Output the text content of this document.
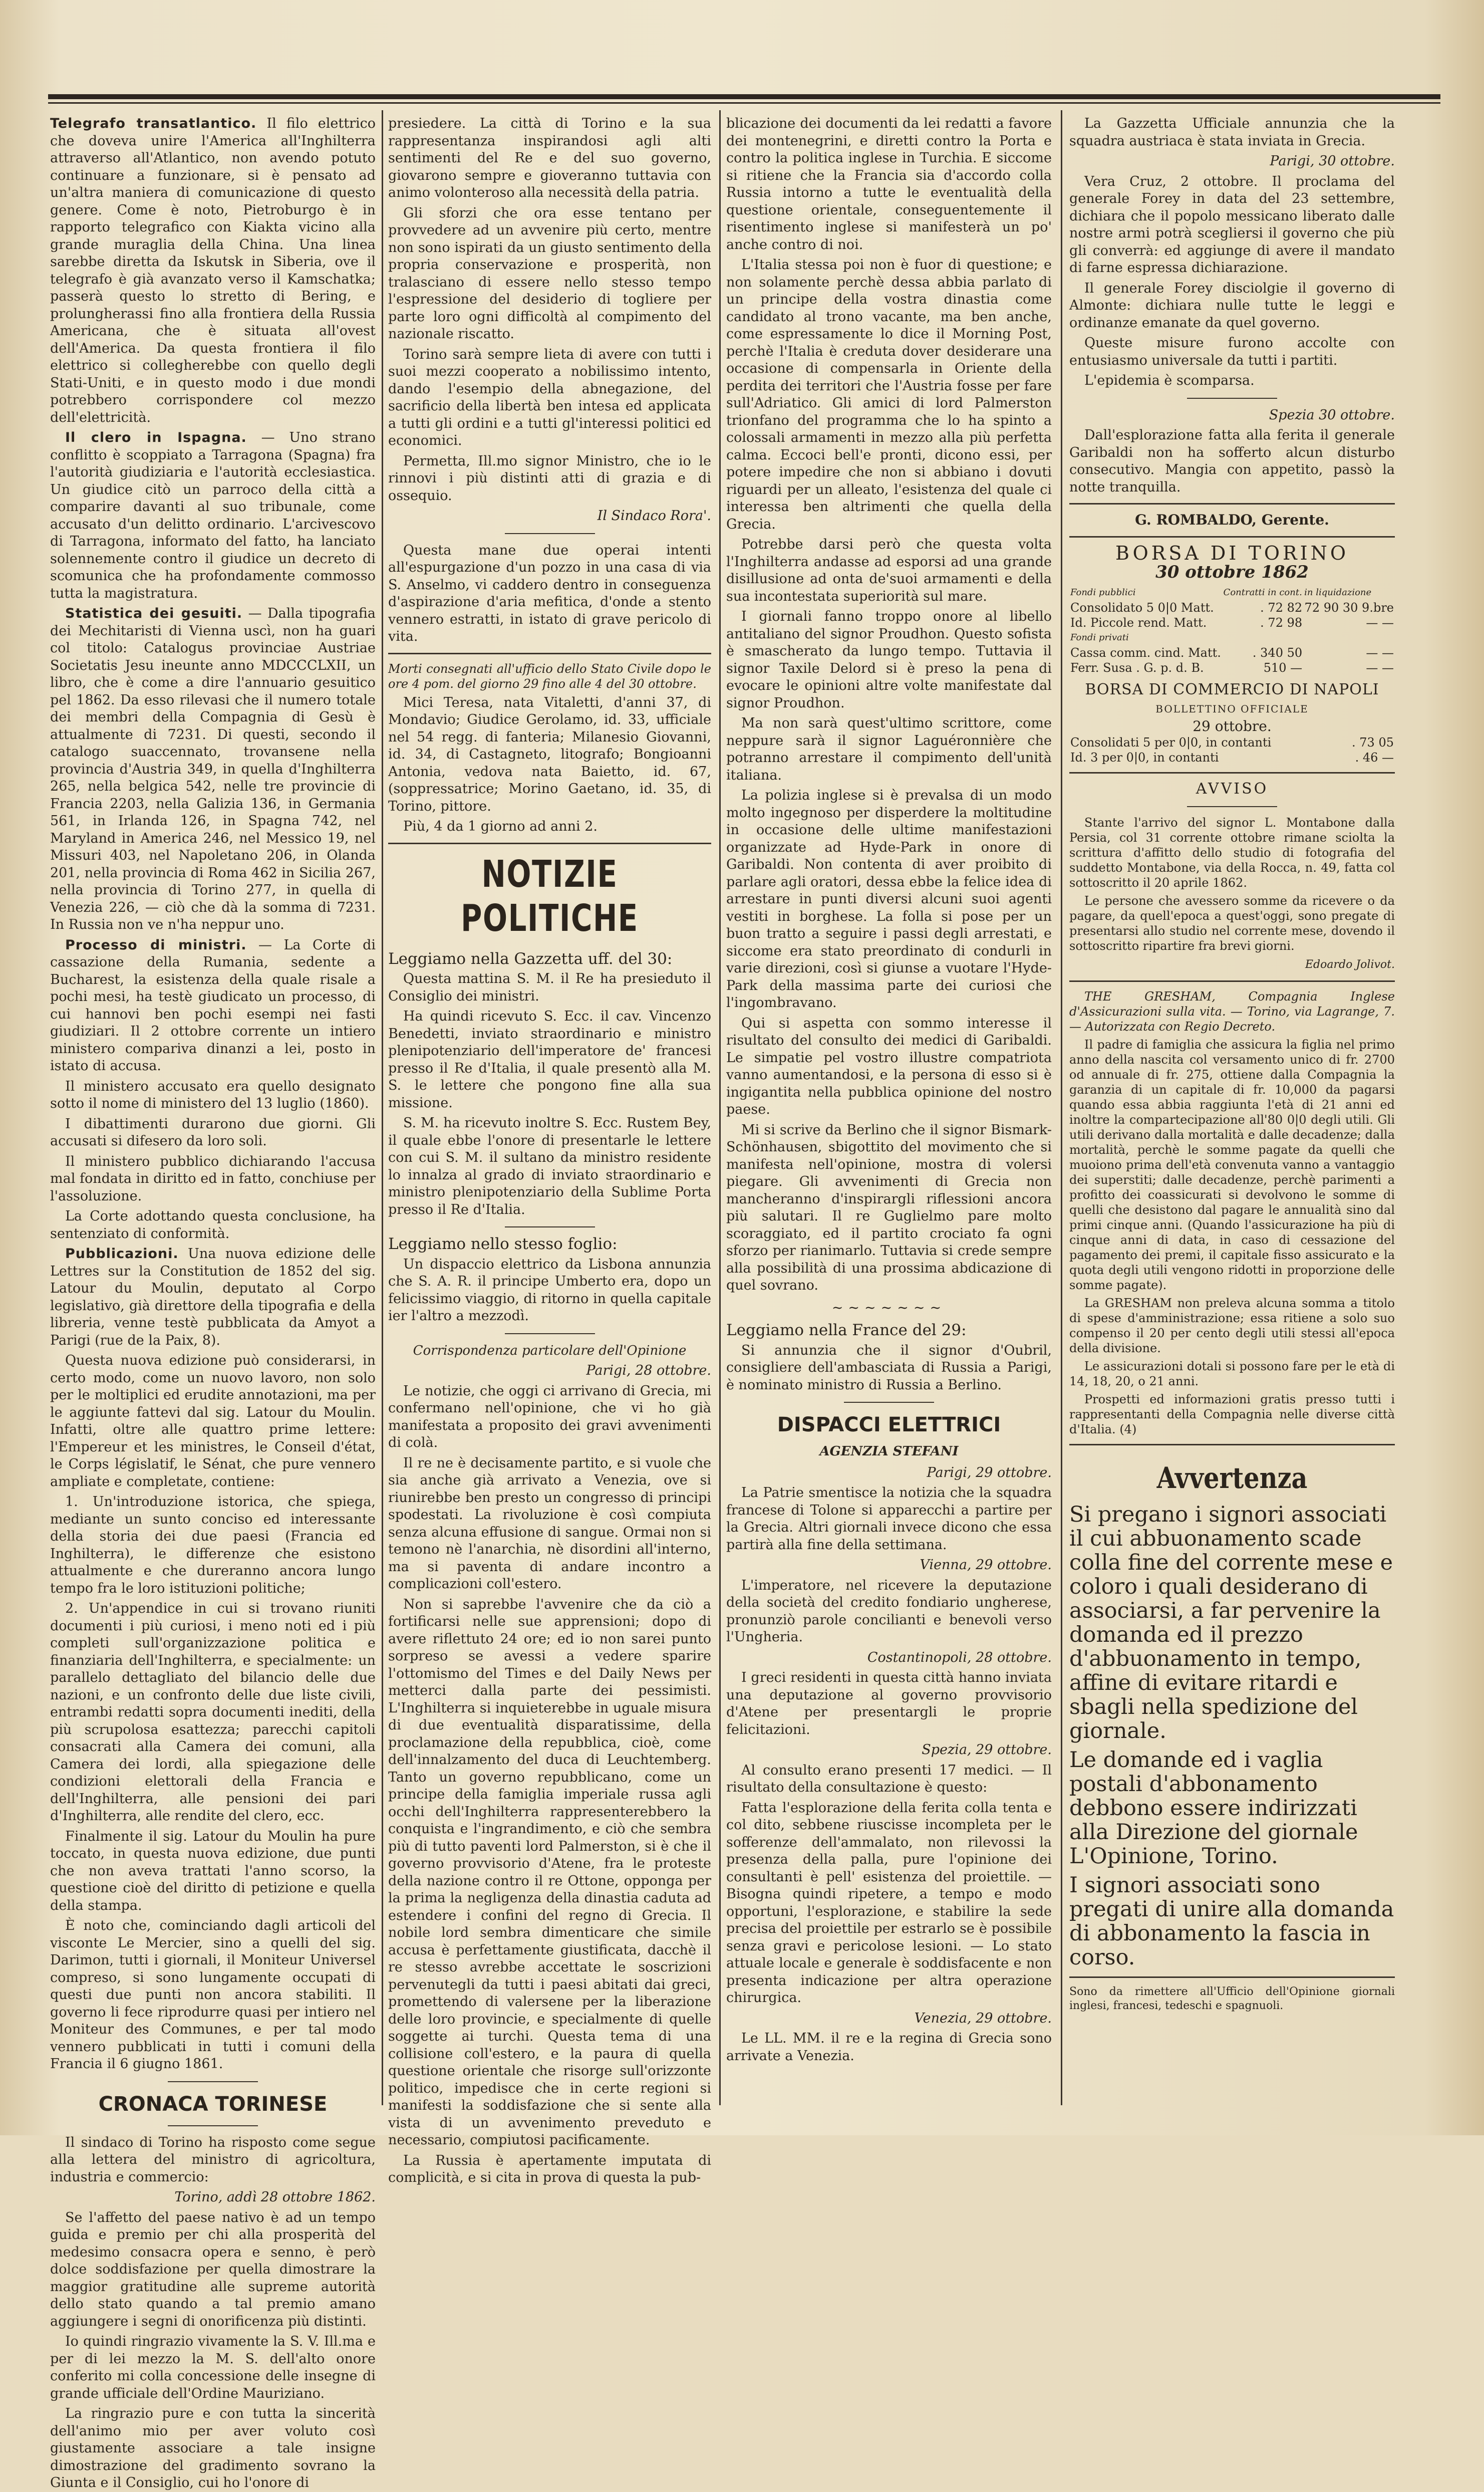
Telegrafo transatlantico. Il filo elettrico che doveva unire l'America all'Inghilterra attraverso all'Atlantico, non avendo potuto continuare a funzionare, si è pensato ad un'altra maniera di comunicazione di questo genere. Come è noto, Pietroburgo è in rapporto telegrafico con Kiakta vicino alla grande muraglia della China. Una linea sarebbe diretta da Iskutsk in Siberia, ove il telegrafo è già avanzato verso il Kamschatka; passerà questo lo stretto di Bering, e prolungherassi fino alla frontiera della Russia Americana, che è situata all'ovest dell'America. Da questa frontiera il filo elettrico si collegherebbe con quello degli Stati-Uniti, e in questo modo i due mondi potrebbero corrispondere col mezzo dell'elettricità.

Il clero in Ispagna. — Uno strano conflitto è scoppiato a Tarragona (Spagna) fra l'autorità giudiziaria e l'autorità ecclesiastica. Un giudice citò un parroco della città a comparire davanti al suo tribunale, come accusato d'un delitto ordinario. L'arcivescovo di Tarragona, informato del fatto, ha lanciato solennemente contro il giudice un decreto di scomunica che ha profondamente commosso tutta la magistratura.

Statistica dei gesuiti. — Dalla tipografia dei Mechitaristi di Vienna uscì, non ha guari col titolo: Catalogus provinciae Austriae Societatis Jesu ineunte anno MDCCCLXII, un libro, che è come a dire l'annuario gesuitico pel 1862. Da esso rilevasi che il numero totale dei membri della Compagnia di Gesù è attualmente di 7231. Di questi, secondo il catalogo suaccennato, trovansene nella provincia d'Austria 349, in quella d'Inghilterra 265, nella belgica 542, nelle tre provincie di Francia 2203, nella Galizia 136, in Germania 561, in Irlanda 126, in Spagna 742, nel Maryland in America 246, nel Messico 19, nel Missuri 403, nel Napoletano 206, in Olanda 201, nella provincia di Roma 462 in Sicilia 267, nella provincia di Torino 277, in quella di Venezia 226, — ciò che dà la somma di 7231. In Russia non ve n'ha neppur uno.

Processo di ministri. — La Corte di cassazione della Rumania, sedente a Bucharest, la esistenza della quale risale a pochi mesi, ha testè giudicato un processo, di cui hannovi ben pochi esempi nei fasti giudiziari. Il 2 ottobre corrente un intiero ministero compariva dinanzi a lei, posto in istato di accusa.

Il ministero accusato era quello designato sotto il nome di ministero del 13 luglio (1860).

I dibattimenti durarono due giorni. Gli accusati si difesero da loro soli.

Il ministero pubblico dichiarando l'accusa mal fondata in diritto ed in fatto, conchiuse per l'assoluzione.

La Corte adottando questa conclusione, ha sentenziato di conformità.

Pubblicazioni. Una nuova edizione delle Lettres sur la Constitution de 1852 del sig. Latour du Moulin, deputato al Corpo legislativo, già direttore della tipografia e della libreria, venne testè pubblicata da Amyot a Parigi (rue de la Paix, 8).

Questa nuova edizione può considerarsi, in certo modo, come un nuovo lavoro, non solo per le moltiplici ed erudite annotazioni, ma per le aggiunte fattevi dal sig. Latour du Moulin. Infatti, oltre alle quattro prime lettere: l'Empereur et les ministres, le Conseil d'état, le Corps législatif, le Sénat, che pure vennero ampliate e completate, contiene:

1. Un'introduzione istorica, che spiega, mediante un sunto conciso ed interessante della storia dei due paesi (Francia ed Inghilterra), le differenze che esistono attualmente e che dureranno ancora lungo tempo fra le loro istituzioni politiche;

2. Un'appendice in cui si trovano riuniti documenti i più curiosi, i meno noti ed i più completi sull'organizzazione politica e finanziaria dell'Inghilterra, e specialmente: un parallelo dettagliato del bilancio delle due nazioni, e un confronto delle due liste civili, entrambi redatti sopra documenti inediti, della più scrupolosa esattezza; parecchi capitoli consacrati alla Camera dei comuni, alla Camera dei lordi, alla spiegazione delle condizioni elettorali della Francia e dell'Inghilterra, alle pensioni dei pari d'Inghilterra, alle rendite del clero, ecc.

Finalmente il sig. Latour du Moulin ha pure toccato, in questa nuova edizione, due punti che non aveva trattati l'anno scorso, la questione cioè del diritto di petizione e quella della stampa.

È noto che, cominciando dagli articoli del visconte Le Mercier, sino a quelli del sig. Darimon, tutti i giornali, il Moniteur Universel compreso, si sono lungamente occupati di questi due punti non ancora stabiliti. Il governo li fece riprodurre quasi per intiero nel Moniteur des Communes, e per tal modo vennero pubblicati in tutti i comuni della Francia il 6 giugno 1861.

CRONACA TORINESE

Il sindaco di Torino ha risposto come segue alla lettera del ministro di agricoltura, industria e commercio:

Torino, addì 28 ottobre 1862.

Se l'affetto del paese nativo è ad un tempo guida e premio per chi alla prosperità del medesimo consacra opera e senno, è però dolce soddisfazione per quella dimostrare la maggior gratitudine alle supreme autorità dello stato quando a tal premio amano aggiungere i segni di onorificenza più distinti.

Io quindi ringrazio vivamente la S. V. Ill.ma e per di lei mezzo la M. S. dell'alto onore conferito mi colla concessione delle insegne di grande ufficiale dell'Ordine Mauriziano.

La ringrazio pure e con tutta la sincerità dell'animo mio per aver voluto così giustamente associare a tale insigne dimostrazione del gradimento sovrano la Giunta e il Consiglio, cui ho l'onore di

presiedere. La città di Torino e la sua rappresentanza inspirandosi agli alti sentimenti del Re e del suo governo, giovarono sempre e gioveranno tuttavia con animo volonteroso alla necessità della patria.

Gli sforzi che ora esse tentano per provvedere ad un avvenire più certo, mentre non sono ispirati da un giusto sentimento della propria conservazione e prosperità, non tralasciano di essere nello stesso tempo l'espressione del desiderio di togliere per parte loro ogni difficoltà al compimento del nazionale riscatto.

Torino sarà sempre lieta di avere con tutti i suoi mezzi cooperato a nobilissimo intento, dando l'esempio della abnegazione, del sacrificio della libertà ben intesa ed applicata a tutti gli ordini e a tutti gl'interessi politici ed economici.

Permetta, Ill.mo signor Ministro, che io le rinnovi i più distinti atti di grazia e di ossequio.

Il Sindaco Rora'.

Questa mane due operai intenti all'espurgazione d'un pozzo in una casa di via S. Anselmo, vi caddero dentro in conseguenza d'aspirazione d'aria mefitica, d'onde a stento vennero estratti, in istato di grave pericolo di vita.

Morti consegnati all'ufficio dello Stato Civile dopo le ore 4 pom. del giorno 29 fino alle 4 del 30 ottobre.

Mici Teresa, nata Vitaletti, d'anni 37, di Mondavio; Giudice Gerolamo, id. 33, ufficiale nel 54 regg. di fanteria; Milanesio Giovanni, id. 34, di Castagneto, litografo; Bongioanni Antonia, vedova nata Baietto, id. 67, (soppressatrice; Morino Gaetano, id. 35, di Torino, pittore.

Più, 4 da 1 giorno ad anni 2.

NOTIZIE POLITICHE

Leggiamo nella Gazzetta uff. del 30:

Questa mattina S. M. il Re ha presieduto il Consiglio dei ministri.

Ha quindi ricevuto S. Ecc. il cav. Vincenzo Benedetti, inviato straordinario e ministro plenipotenziario dell'imperatore de' francesi presso il Re d'Italia, il quale presentò alla M. S. le lettere che pongono fine alla sua missione.

S. M. ha ricevuto inoltre S. Ecc. Rustem Bey, il quale ebbe l'onore di presentarle le lettere con cui S. M. il sultano da ministro residente lo innalza al grado di inviato straordinario e ministro plenipotenziario della Sublime Porta presso il Re d'Italia.

Leggiamo nello stesso foglio:

Un dispaccio elettrico da Lisbona annunzia che S. A. R. il principe Umberto era, dopo un felicissimo viaggio, di ritorno in quella capitale ier l'altro a mezzodì.

Corrispondenza particolare dell'Opinione

Parigi, 28 ottobre.

Le notizie, che oggi ci arrivano di Grecia, mi confermano nell'opinione, che vi ho già manifestata a proposito dei gravi avvenimenti di colà.

Il re ne è decisamente partito, e si vuole che sia anche già arrivato a Venezia, ove si riunirebbe ben presto un congresso di principi spodestati. La rivoluzione è così compiuta senza alcuna effusione di sangue. Ormai non si temono nè l'anarchia, nè disordini all'interno, ma si paventa di andare incontro a complicazioni coll'estero.

Non si saprebbe l'avvenire che da ciò a fortificarsi nelle sue apprensioni; dopo di avere riflettuto 24 ore; ed io non sarei punto sorpreso se avessi a vedere sparire l'ottomismo del Times e del Daily News per metterci dalla parte dei pessimisti. L'Inghilterra si inquieterebbe in uguale misura di due eventualità disparatissime, della proclamazione della repubblica, cioè, come dell'innalzamento del duca di Leuchtemberg. Tanto un governo repubblicano, come un principe della famiglia imperiale russa agli occhi dell'Inghilterra rappresenterebbero la conquista e l'ingrandimento, e ciò che sembra più di tutto paventi lord Palmerston, si è che il governo provvisorio d'Atene, fra le proteste della nazione contro il re Ottone, opponga per la prima la negligenza della dinastia caduta ad estendere i confini del regno di Grecia. Il nobile lord sembra dimenticare che simile accusa è perfettamente giustificata, dacchè il re stesso avrebbe accettate le soscrizioni pervenutegli da tutti i paesi abitati dai greci, promettendo di valersene per la liberazione delle loro provincie, e specialmente di quelle soggette ai turchi. Questa tema di una collisione coll'estero, e la paura di quella questione orientale che risorge sull'orizzonte politico, impedisce che in certe regioni si manifesti la soddisfazione che si sente alla vista di un avvenimento preveduto e necessario, compiutosi pacificamente.

La Russia è apertamente imputata di complicità, e si cita in prova di questa la pub-

blicazione dei documenti da lei redatti a favore dei montenegrini, e diretti contro la Porta e contro la politica inglese in Turchia. E siccome si ritiene che la Francia sia d'accordo colla Russia intorno a tutte le eventualità della questione orientale, conseguentemente il risentimento inglese si manifesterà un po' anche contro di noi.

L'Italia stessa poi non è fuor di questione; e non solamente perchè dessa abbia parlato di un principe della vostra dinastia come candidato al trono vacante, ma ben anche, come espressamente lo dice il Morning Post, perchè l'Italia è creduta dover desiderare una occasione di compensarla in Oriente della perdita dei territori che l'Austria fosse per fare sull'Adriatico. Gli amici di lord Palmerston trionfano del programma che lo ha spinto a colossali armamenti in mezzo alla più perfetta calma. Eccoci bell'e pronti, dicono essi, per potere impedire che non si abbiano i dovuti riguardi per un alleato, l'esistenza del quale ci interessa ben altrimenti che quella della Grecia.

Potrebbe darsi però che questa volta l'Inghilterra andasse ad esporsi ad una grande disillusione ad onta de'suoi armamenti e della sua incontestata superiorità sul mare.

I giornali fanno troppo onore al libello antitaliano del signor Proudhon. Questo sofista è smascherato da lungo tempo. Tuttavia il signor Taxile Delord si è preso la pena di evocare le opinioni altre volte manifestate dal signor Proudhon.

Ma non sarà quest'ultimo scrittore, come neppure sarà il signor Laguéronnière che potranno arrestare il compimento dell'unità italiana.

La polizia inglese si è prevalsa di un modo molto ingegnoso per disperdere la moltitudine in occasione delle ultime manifestazioni organizzate ad Hyde-Park in onore di Garibaldi. Non contenta di aver proibito di parlare agli oratori, dessa ebbe la felice idea di arrestare in punti diversi alcuni suoi agenti vestiti in borghese. La folla si pose per un buon tratto a seguire i passi degli arrestati, e siccome era stato preordinato di condurli in varie direzioni, così si giunse a vuotare l'Hyde-Park della massima parte dei curiosi che l'ingombravano.

Qui si aspetta con sommo interesse il risultato del consulto dei medici di Garibaldi. Le simpatie pel vostro illustre compatriota vanno aumentandosi, e la persona di esso si è ingigantita nella pubblica opinione del nostro paese.

Mi si scrive da Berlino che il signor Bismark-Schönhausen, sbigottito del movimento che si manifesta nell'opinione, mostra di volersi piegare. Gli avvenimenti di Grecia non mancheranno d'inspirargli riflessioni ancora più salutari. Il re Guglielmo pare molto scoraggiato, ed il partito crociato fa ogni sforzo per rianimarlo. Tuttavia si crede sempre alla possibilità di una prossima abdicazione di quel sovrano.

~~~~~~~

Leggiamo nella France del 29:

Si annunzia che il signor d'Oubril, consigliere dell'ambasciata di Russia a Parigi, è nominato ministro di Russia a Berlino.

DISPACCI ELETTRICI
AGENZIA STEFANI

Parigi, 29 ottobre.

La Patrie smentisce la notizia che la squadra francese di Tolone si apparecchi a partire per la Grecia. Altri giornali invece dicono che essa partirà alla fine della settimana.

Vienna, 29 ottobre.

L'imperatore, nel ricevere la deputazione della società del credito fondiario ungherese, pronunziò parole concilianti e benevoli verso l'Ungheria.

Costantinopoli, 28 ottobre.

I greci residenti in questa città hanno inviata una deputazione al governo provvisorio d'Atene per presentargli le proprie felicitazioni.

Spezia, 29 ottobre.

Al consulto erano presenti 17 medici. — Il risultato della consultazione è questo:

Fatta l'esplorazione della ferita colla tenta e col dito, sebbene riuscisse incompleta per le sofferenze dell'ammalato, non rilevossi la presenza della palla, pure l'opinione dei consultanti è pell' esistenza del proiettile. — Bisogna quindi ripetere, a tempo e modo opportuni, l'esplorazione, e stabilire la sede precisa del proiettile per estrarlo se è possibile senza gravi e pericolose lesioni. — Lo stato attuale locale e generale è soddisfacente e non presenta indicazione per altra operazione chirurgica.

Venezia, 29 ottobre.

Le LL. MM. il re e la regina di Grecia sono arrivate a Venezia.

La Gazzetta Ufficiale annunzia che la squadra austriaca è stata inviata in Grecia.

Parigi, 30 ottobre.

Vera Cruz, 2 ottobre. Il proclama del generale Forey in data del 23 settembre, dichiara che il popolo messicano liberato dalle nostre armi potrà scegliersi il governo che più gli converrà: ed aggiunge di avere il mandato di farne espressa dichiarazione.

Il generale Forey disciolgie il governo di Almonte: dichiara nulle tutte le leggi e ordinanze emanate da quel governo.

Queste misure furono accolte con entusiasmo universale da tutti i partiti.

L'epidemia è scomparsa.

Spezia 30 ottobre.

Dall'esplorazione fatta alla ferita il generale Garibaldi non ha sofferto alcun disturbo consecutivo. Mangia con appetito, passò la notte tranquilla.

G. ROMBALDO, Gerente.
BORSA DI TORINO
30 ottobre 1862
Fondi pubblici	Contratti in cont.	in liquidazione
Consolidato 5 0|0 Matt.	. 72 82	72 90 30 9.bre
Id. Piccole rend. Matt.	. 72 98	— —
Fondi privati		
Cassa comm. cind. Matt.	. 340 50	— —
Ferr. Susa . G. p. d. B.	510 —	— —
BORSA DI COMMERCIO DI NAPOLI
BOLLETTINO OFFICIALE
29 ottobre.
Consolidati 5 per 0|0, in contanti	. 73 05
Id. 3 per 0|0, in contanti	. 46 —
AVVISO

Stante l'arrivo del signor L. Montabone dalla Persia, col 31 corrente ottobre rimane sciolta la scrittura d'affitto dello studio di fotografia del suddetto Montabone, via della Rocca, n. 49, fatta col sottoscritto il 20 aprile 1862.

Le persone che avessero somme da ricevere o da pagare, da quell'epoca a quest'oggi, sono pregate di presentarsi allo studio nel corrente mese, dovendo il sottoscritto ripartire fra brevi giorni.

Edoardo Jolivot.

THE GRESHAM, Compagnia Inglese d'Assicurazioni sulla vita. — Torino, via Lagrange, 7. — Autorizzata con Regio Decreto.

Il padre di famiglia che assicura la figlia nel primo anno della nascita col versamento unico di fr. 2700 od annuale di fr. 275, ottiene dalla Compagnia la garanzia di un capitale di fr. 10,000 da pagarsi quando essa abbia raggiunta l'età di 21 anni ed inoltre la compartecipazione all'80 0|0 degli utili. Gli utili derivano dalla mortalità e dalle decadenze; dalla mortalità, perchè le somme pagate da quelli che muoiono prima dell'età convenuta vanno a vantaggio dei superstiti; dalle decadenze, perchè parimenti a profitto dei coassicurati si devolvono le somme di quelli che desistono dal pagare le annualità sino dal primi cinque anni. (Quando l'assicurazione ha più di cinque anni di data, in caso di cessazione del pagamento dei premi, il capitale fisso assicurato e la quota degli utili vengono ridotti in proporzione delle somme pagate).

La GRESHAM non preleva alcuna somma a titolo di spese d'amministrazione; essa ritiene a solo suo compenso il 20 per cento degli utili stessi all'epoca della divisione.

Le assicurazioni dotali si possono fare per le età di 14, 18, 20, o 21 anni.

Prospetti ed informazioni gratis presso tutti i rappresentanti della Compagnia nelle diverse città d'Italia. (4)

Avvertenza

Si pregano i signori associati il cui abbuonamento scade colla fine del corrente mese e coloro i quali desiderano di associarsi, a far pervenire la domanda ed il prezzo d'abbuonamento in tempo, affine di evitare ritardi e sbagli nella spedizione del giornale.

Le domande ed i vaglia postali d'abbonamento debbono essere indirizzati alla Direzione del giornale L'Opinione, Torino.

I signori associati sono pregati di unire alla domanda di abbonamento la fascia in corso.

Sono da rimettere all'Ufficio dell'Opinione giornali inglesi, francesi, tedeschi e spagnuoli.
